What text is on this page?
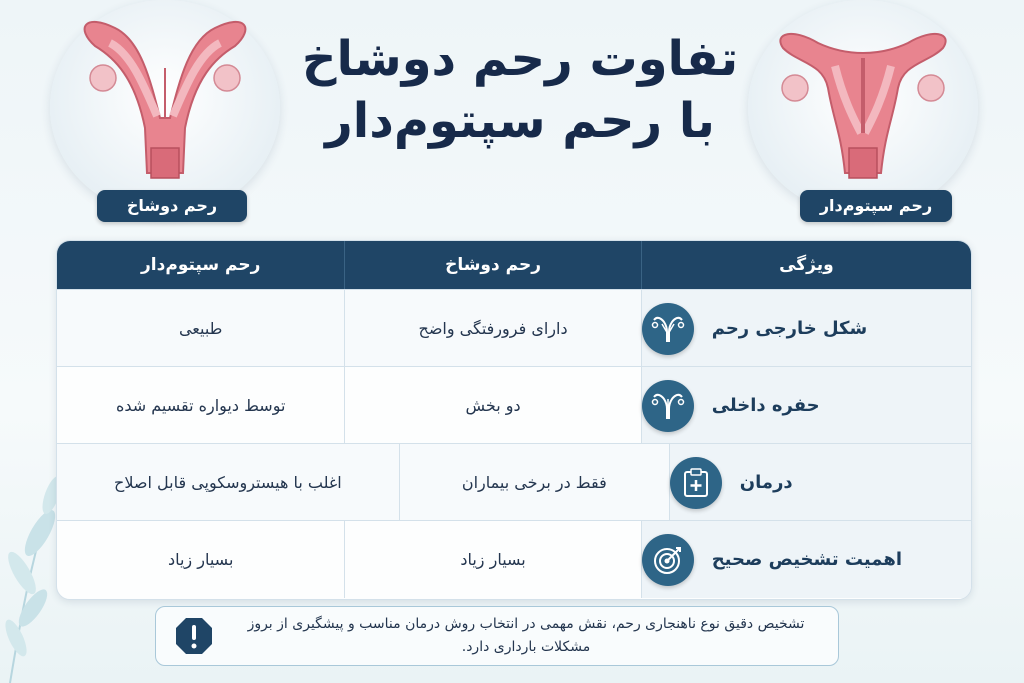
رحم دوشاخ	رحم سپتوم‌دار
تفاوت رحم دوشاخ
با رحم سپتوم‌دار
رحم سپتوم‌دار	رحم دوشاخ	ویژگی
طبیعی	دارای فرورفتگی واضح	شکل خارجی رحم
توسط دیواره تقسیم شده	دو بخش	حفره داخلی
اغلب با هیستروسکوپی قابل اصلاح	فقط در برخی بیماران	درمان
بسیار زیاد	بسیار زیاد	اهمیت تشخیص صحیح
تشخیص دقیق نوع ناهنجاری رحم، نقش مهمی در انتخاب روش درمان مناسب و پیشگیری از بروز مشکلات بارداری دارد.
